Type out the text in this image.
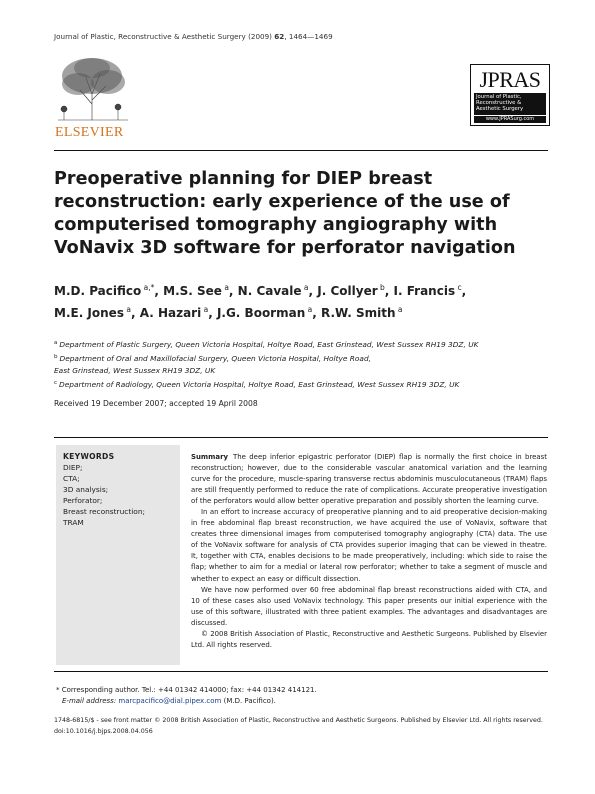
Journal of Plastic, Reconstructive & Aesthetic Surgery (2009) 62, 1464—1469
ELSEVIER
JPRAS
Journal of Plastic, Reconstructive & Aesthetic Surgery
www.JPRASurg.com
Preoperative planning for DIEP breast reconstruction: early experience of the use of computerised tomography angiography with VoNavix 3D software for perforator navigation
M.D. Pacifico $^{a,*}$, M.S. See $^a$, N. Cavale $^a$, J. Collyer $^b$, I. Francis $^c$,
M.E. Jones $^a$, A. Hazari $^a$, J.G. Boorman $^a$, R.W. Smith $^a$
$^a$ Department of Plastic Surgery, Queen Victoria Hospital, Holtye Road, East Grinstead, West Sussex RH19 3DZ, UK
$^b$ Department of Oral and Maxillofacial Surgery, Queen Victoria Hospital, Holtye Road,
East Grinstead, West Sussex RH19 3DZ, UK
$^c$ Department of Radiology, Queen Victoria Hospital, Holtye Road, East Grinstead, West Sussex RH19 3DZ, UK
Received 19 December 2007; accepted 19 April 2008
KEYWORDS
DIEP;
CTA;
3D analysis;
Perforator;
Breast reconstruction;
TRAM

Summary The deep inferior epigastric perforator (DIEP) flap is normally the first choice in breast reconstruction; however, due to the considerable vascular anatomical variation and the learning curve for the procedure, muscle-sparing transverse rectus abdominis musculocutaneous (TRAM) flaps are still frequently performed to reduce the rate of complications. Accurate preoperative investigation of the perforators would allow better operative preparation and possibly shorten the learning curve.

In an effort to increase accuracy of preoperative planning and to aid preoperative decision-making in free abdominal flap breast reconstruction, we have acquired the use of VoNavix, software that creates three dimensional images from computerised tomography angiography (CTA) data. The use of the VoNavix software for analysis of CTA provides superior imaging that can be viewed in theatre. It, together with CTA, enables decisions to be made preoperatively, including: which side to raise the flap; whether to aim for a medial or lateral row perforator; whether to take a segment of muscle and whether to expect an easy or difficult dissection.

We have now performed over 60 free abdominal flap breast reconstructions aided with CTA, and 10 of these cases also used VoNavix technology. This paper presents our initial experience with the use of this software, illustrated with three patient examples. The advantages and disadvantages are discussed.

© 2008 British Association of Plastic, Reconstructive and Aesthetic Surgeons. Published by Elsevier Ltd. All rights reserved.

* Corresponding author. Tel.: +44 01342 414000; fax: +44 01342 414121.
E-mail address: marcpacifico@dial.pipex.com (M.D. Pacifico).
1748-6815/$ - see front matter © 2008 British Association of Plastic, Reconstructive and Aesthetic Surgeons. Published by Elsevier Ltd. All rights reserved.
doi:10.1016/j.bjps.2008.04.056
